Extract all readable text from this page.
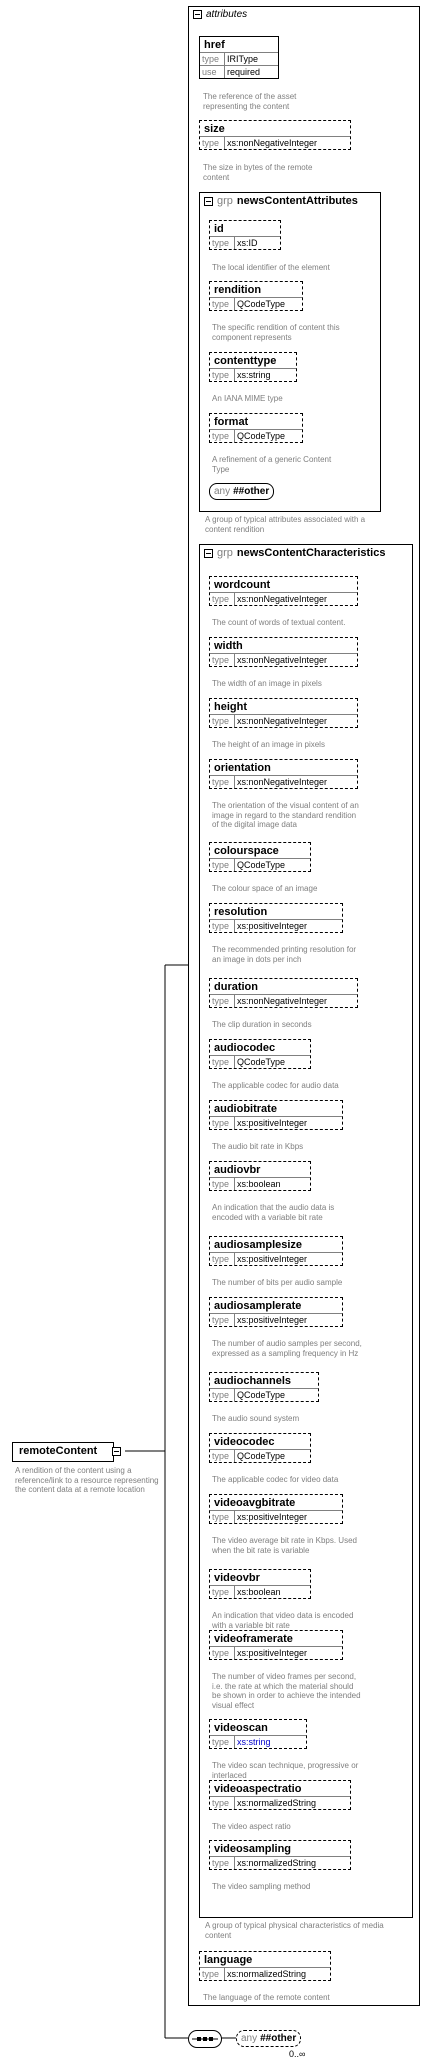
attributes
href
type IRIType
use	required
The reference of the asset representing the content
size
type xs:nonNegativeInteger
The size in bytes of the remote content
grp newsContentAttributes
A group of typical attributes associated with a content rendition
id
type xs:ID
The local identifier of the element
rendition
type QCodeType
The specific rendition of content this component represents
contenttype
type xs:string
An IANA MIME type
format
type QCodeType
A refinement of a generic Content Type
any ##other
grp newsContentCharacteristics
A group of typical physical characteristics of media content
wordcount
type xs:nonNegativeInteger
The count of words of textual content.
width
type xs:nonNegativeInteger
The width of an image in pixels
height
type xs:nonNegativeInteger
The height of an image in pixels
orientation
type xs:nonNegativeInteger
The orientation of the visual content of an image in regard to the standard rendition of the digital image data
colourspace
type QCodeType
The colour space of an image
resolution
type xs:positiveInteger
The recommended printing resolution for an image in dots per inch
duration
type xs:nonNegativeInteger
The clip duration in seconds
audiocodec
type QCodeType
The applicable codec for audio data
audiobitrate
type xs:positiveInteger
The audio bit rate in Kbps
audiovbr
type xs:boolean
An indication that the audio data is encoded with a variable bit rate
audiosamplesize
type xs:positiveInteger
The number of bits per audio sample
audiosamplerate
type xs:positiveInteger
The number of audio samples per second, expressed as a sampling frequency in Hz
audiochannels
type QCodeType
The audio sound system
videocodec
type QCodeType
The applicable codec for video data
videoavgbitrate
type xs:positiveInteger
The video average bit rate in Kbps. Used when the bit rate is variable
videovbr
type xs:boolean
An indication that video data is encoded with a variable bit rate
videoframerate
type xs:positiveInteger
The number of video frames per second, i.e. the rate at which the material should be shown in order to achieve the intended visual effect
videoscan
type xs:string
The video scan technique, progressive or interlaced
videoaspectratio
type xs:normalizedString
The video aspect ratio
videosampling
type xs:normalizedString
The video sampling method
language
type xs:normalizedString
The language of the remote content
remoteContent
A rendition of the content using a reference/link to a resource representing the content data at a remote location
any ##other
0..∞
